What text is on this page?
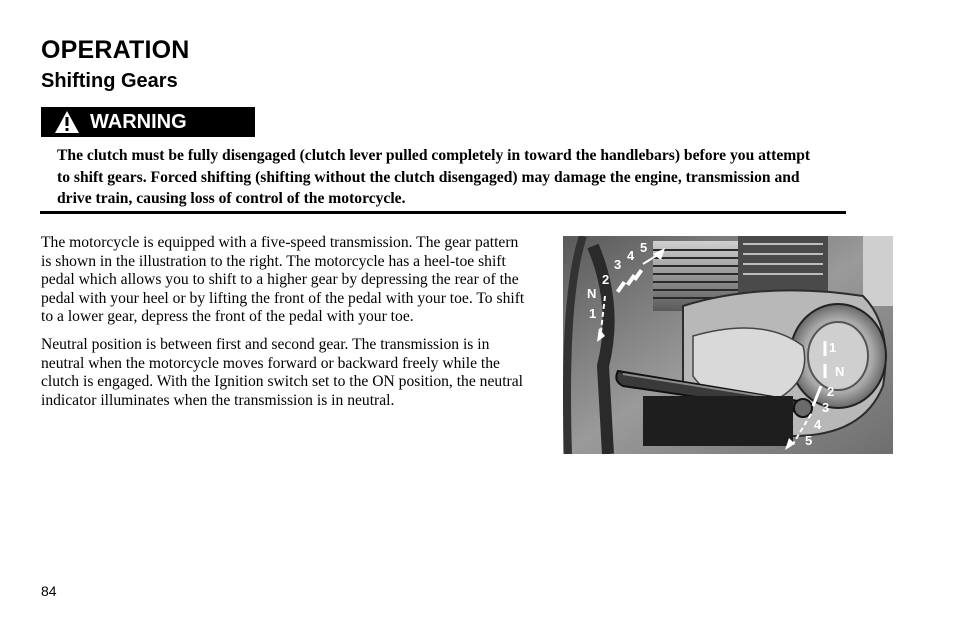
OPERATION
Shifting Gears
WARNING

The clutch must be fully disengaged (clutch lever pulled completely in toward the handlebars) before you attempt to shift gears. Forced shifting (shifting without the clutch disengaged) may damage the engine, transmission and drive train, causing loss of control of the motorcycle.

The motorcycle is equipped with a five-speed transmission. The gear pattern is shown in the illustration to the right. The motorcycle has a heel-toe shift pedal which allows you to shift to a higher gear by depressing the rear of the pedal with your heel or by lifting the front of the pedal with your toe. To shift to a lower gear, depress the front of the pedal with your toe.

Neutral position is between first and second gear. The transmission is in neutral when the motorcycle moves forward or backward freely while the clutch is engaged. With the Ignition switch set to the ON position, the neutral indicator illuminates when the transmission is in neutral.

1
N
2
3
4
5
1
N
2
3
4
5
84
